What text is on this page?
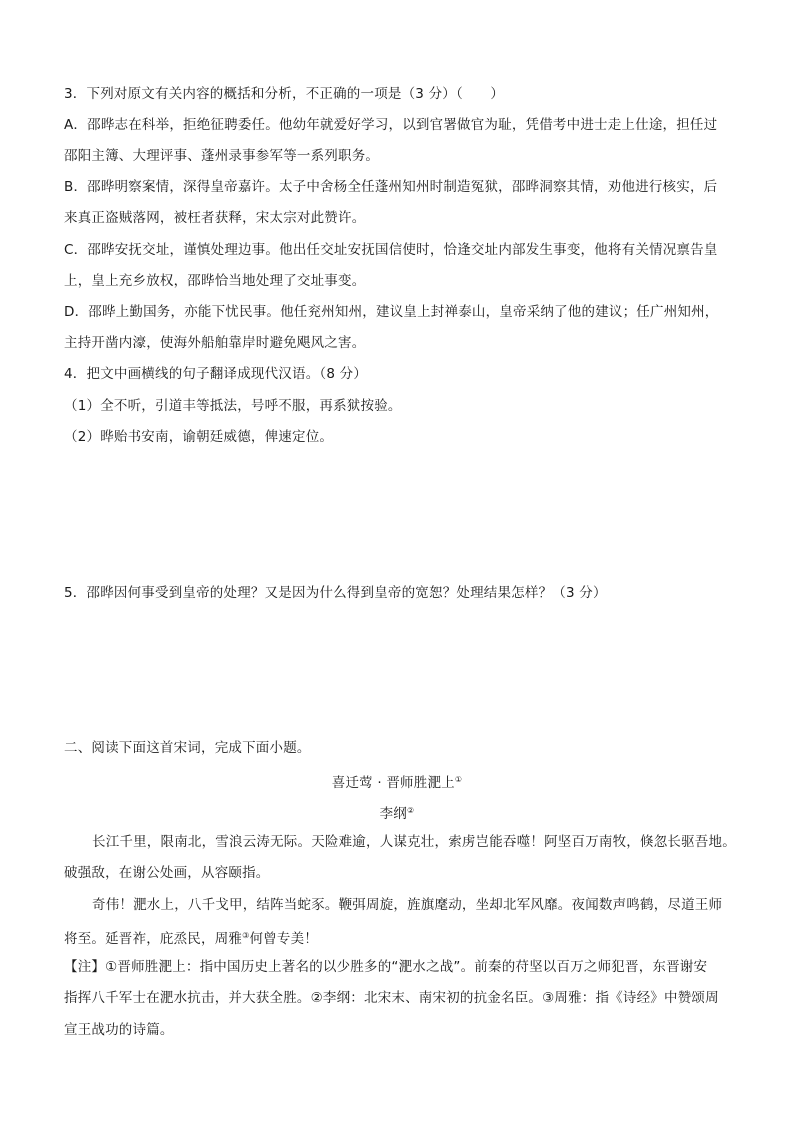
3．下列对原文有关内容的概括和分析，不正确的一项是（3 分）（　　）
A．邵晔志在科举，拒绝征聘委任。他幼年就爱好学习，以到官署做官为耻，凭借考中进士走上仕途，担任过
邵阳主簿、大理评事、蓬州录事参军等一系列职务。
B．邵晔明察案情，深得皇帝嘉许。太子中舍杨全任蓬州知州时制造冤狱，邵晔洞察其情，劝他进行核实，后
来真正盗贼落网，被枉者获释，宋太宗对此赞许。
C．邵晔安抚交址，谨慎处理边事。他出任交址安抚国信使时，恰逢交址内部发生事变，他将有关情况禀告皇
上，皇上充乡放权，邵晔恰当地处理了交址事变。
D．邵晔上勤国务，亦能下忧民事。他任兖州知州，建议皇上封禅泰山，皇帝采纳了他的建议；任广州知州，
主持开凿内濠，使海外船舶靠岸时避免飓风之害。
4．把文中画横线的句子翻译成现代汉语。（8 分）
（1）全不听，引道丰等抵法，号呼不服，再系狱按验。
（2）晔贻书安南，谕朝廷威德，俾速定位。
5．邵晔因何事受到皇帝的处理？又是因为什么得到皇帝的宽恕？处理结果怎样？（3 分）
二、阅读下面这首宋词，完成下面小题。
喜迁莺 · 晋师胜淝上①
李纲②
长江千里，限南北，雪浪云涛无际。天险难逾，人谋克壮，索虏岂能吞噬！阿坚百万南牧，倏忽长驱吾地。
破强敌，在谢公处画，从容颐指。
奇伟！淝水上，八千戈甲，结阵当蛇豕。鞭弭周旋，旌旗麾动，坐却北军风靡。夜闻数声鸣鹤，尽道王师
将至。延晋祚，庇烝民，周雅③何曾专美！
【注】①晋师胜淝上：指中国历史上著名的以少胜多的“淝水之战”。前秦的苻坚以百万之师犯晋，东晋谢安
指挥八千军士在淝水抗击，并大获全胜。②李纲：北宋末、南宋初的抗金名臣。③周雅：指《诗经》中赞颂周
宣王战功的诗篇。
